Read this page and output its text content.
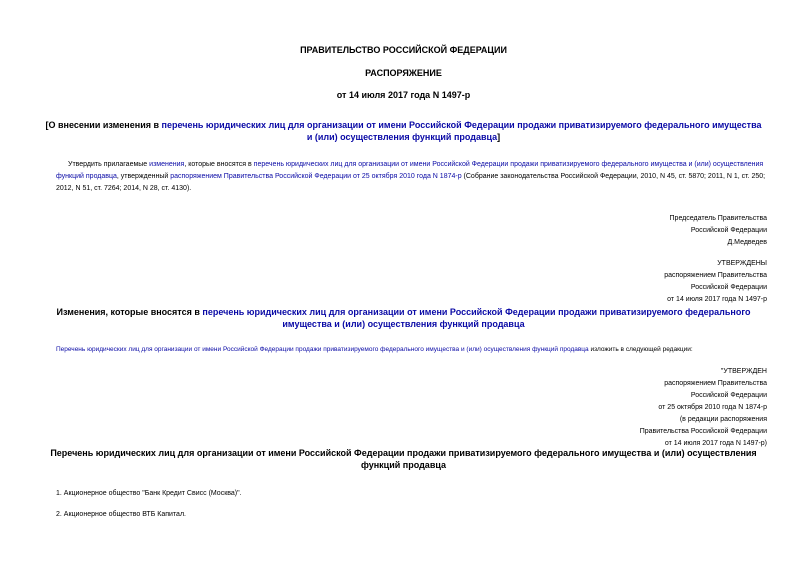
ПРАВИТЕЛЬСТВО РОССИЙСКОЙ ФЕДЕРАЦИИ
РАСПОРЯЖЕНИЕ
от 14 июля 2017 года N 1497-р
[О внесении изменения в перечень юридических лиц для организации от имени Российской Федерации продажи приватизируемого федерального имущества и (или) осуществления функций продавца]
Утвердить прилагаемые изменения, которые вносятся в перечень юридических лиц для организации от имени Российской Федерации продажи приватизируемого федерального имущества и (или) осуществления функций продавца, утвержденный распоряжением Правительства Российской Федерации от 25 октября 2010 года N 1874-р (Собрание законодательства Российской Федерации, 2010, N 45, ст. 5870; 2011, N 1, ст. 250; 2012, N 51, ст. 7264; 2014, N 28, ст. 4130).
Председатель Правительства
Российской Федерации
Д.Медведев
УТВЕРЖДЕНЫ
распоряжением Правительства
Российской Федерации
от 14 июля 2017 года N 1497-р
Изменения, которые вносятся в перечень юридических лиц для организации от имени Российской Федерации продажи приватизируемого федерального имущества и (или) осуществления функций продавца
Перечень юридических лиц для организации от имени Российской Федерации продажи приватизируемого федерального имущества и (или) осуществления функций продавца изложить в следующей редакции:
"УТВЕРЖДЕН
распоряжением Правительства
Российской Федерации
от 25 октября 2010 года N 1874-р
(в редакции распоряжения
Правительства Российской Федерации
от 14 июля 2017 года N 1497-р)
Перечень юридических лиц для организации от имени Российской Федерации продажи приватизируемого федерального имущества и (или) осуществления функций продавца
1. Акционерное общество "Банк Кредит Свисс (Москва)".
2. Акционерное общество ВТБ Капитал.
